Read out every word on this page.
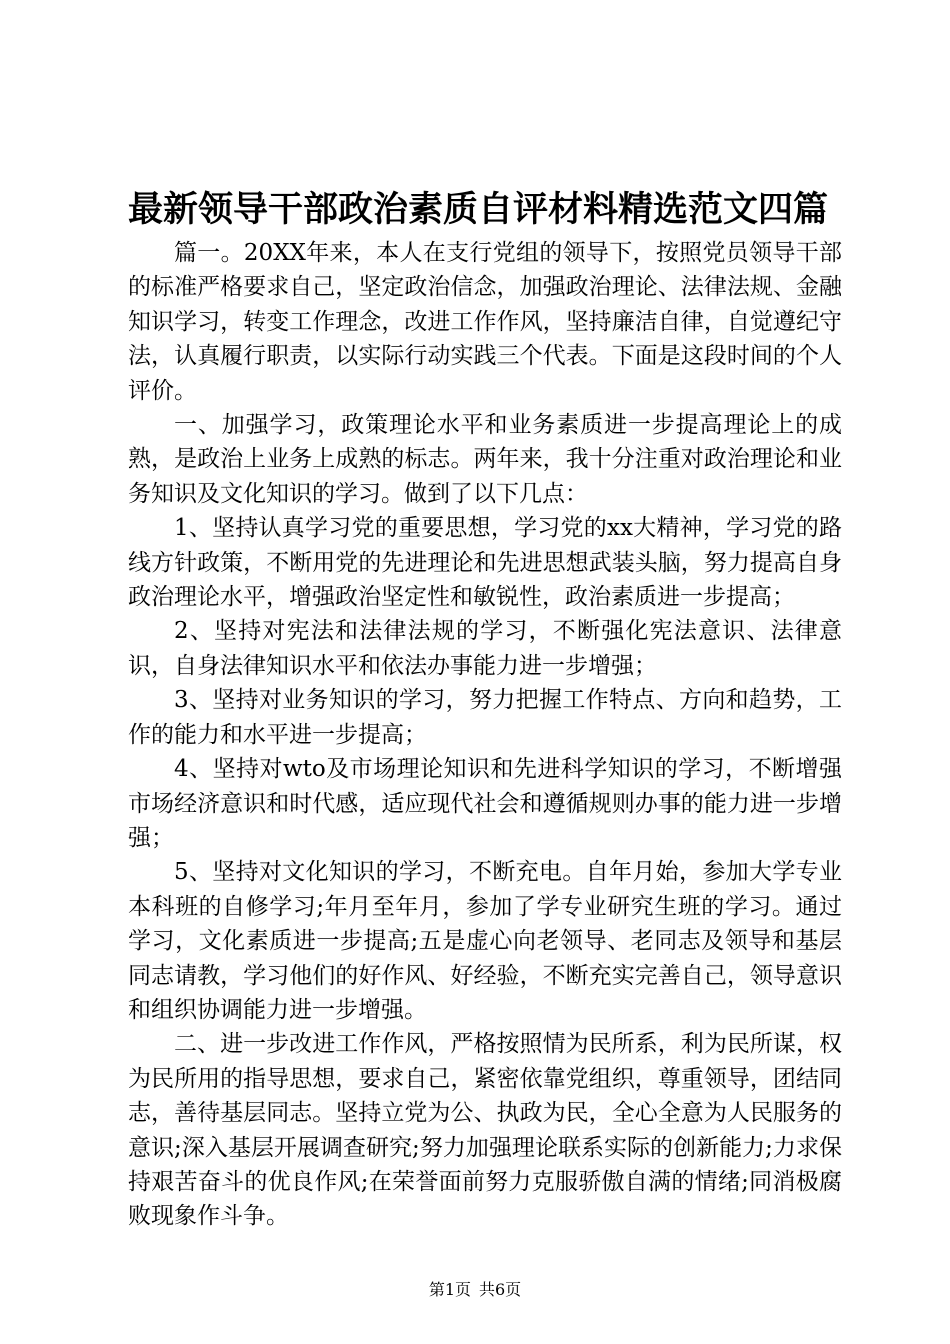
最新领导干部政治素质自评材料精选范文四篇

篇一。20XX年来，本人在支行党组的领导下，按照党员领导干部的标准严格要求自己，坚定政治信念，加强政治理论、法律法规、金融知识学习，转变工作理念，改进工作作风，坚持廉洁自律，自觉遵纪守法，认真履行职责，以实际行动实践三个代表。下面是这段时间的个人评价。

一、加强学习，政策理论水平和业务素质进一步提高理论上的成熟，是政治上业务上成熟的标志。两年来，我十分注重对政治理论和业务知识及文化知识的学习。做到了以下几点：

1、坚持认真学习党的重要思想，学习党的xx大精神，学习党的路线方针政策，不断用党的先进理论和先进思想武装头脑，努力提高自身政治理论水平，增强政治坚定性和敏锐性，政治素质进一步提高；

2、坚持对宪法和法律法规的学习，不断强化宪法意识、法律意识，自身法律知识水平和依法办事能力进一步增强；

3、坚持对业务知识的学习，努力把握工作特点、方向和趋势，工作的能力和水平进一步提高；

4、坚持对wto及市场理论知识和先进科学知识的学习，不断增强市场经济意识和时代感，适应现代社会和遵循规则办事的能力进一步增强；

5、坚持对文化知识的学习，不断充电。自年月始，参加大学专业本科班的自修学习;年月至年月，参加了学专业研究生班的学习。通过学习，文化素质进一步提高;五是虚心向老领导、老同志及领导和基层同志请教，学习他们的好作风、好经验，不断充实完善自己，领导意识和组织协调能力进一步增强。

二、进一步改进工作作风，严格按照情为民所系，利为民所谋，权为民所用的指导思想，要求自己，紧密依靠党组织，尊重领导，团结同志，善待基层同志。坚持立党为公、执政为民，全心全意为人民服务的意识;深入基层开展调查研究;努力加强理论联系实际的创新能力;力求保持艰苦奋斗的优良作风;在荣誉面前努力克服骄傲自满的情绪;同消极腐败现象作斗争。

第1页 共6页
